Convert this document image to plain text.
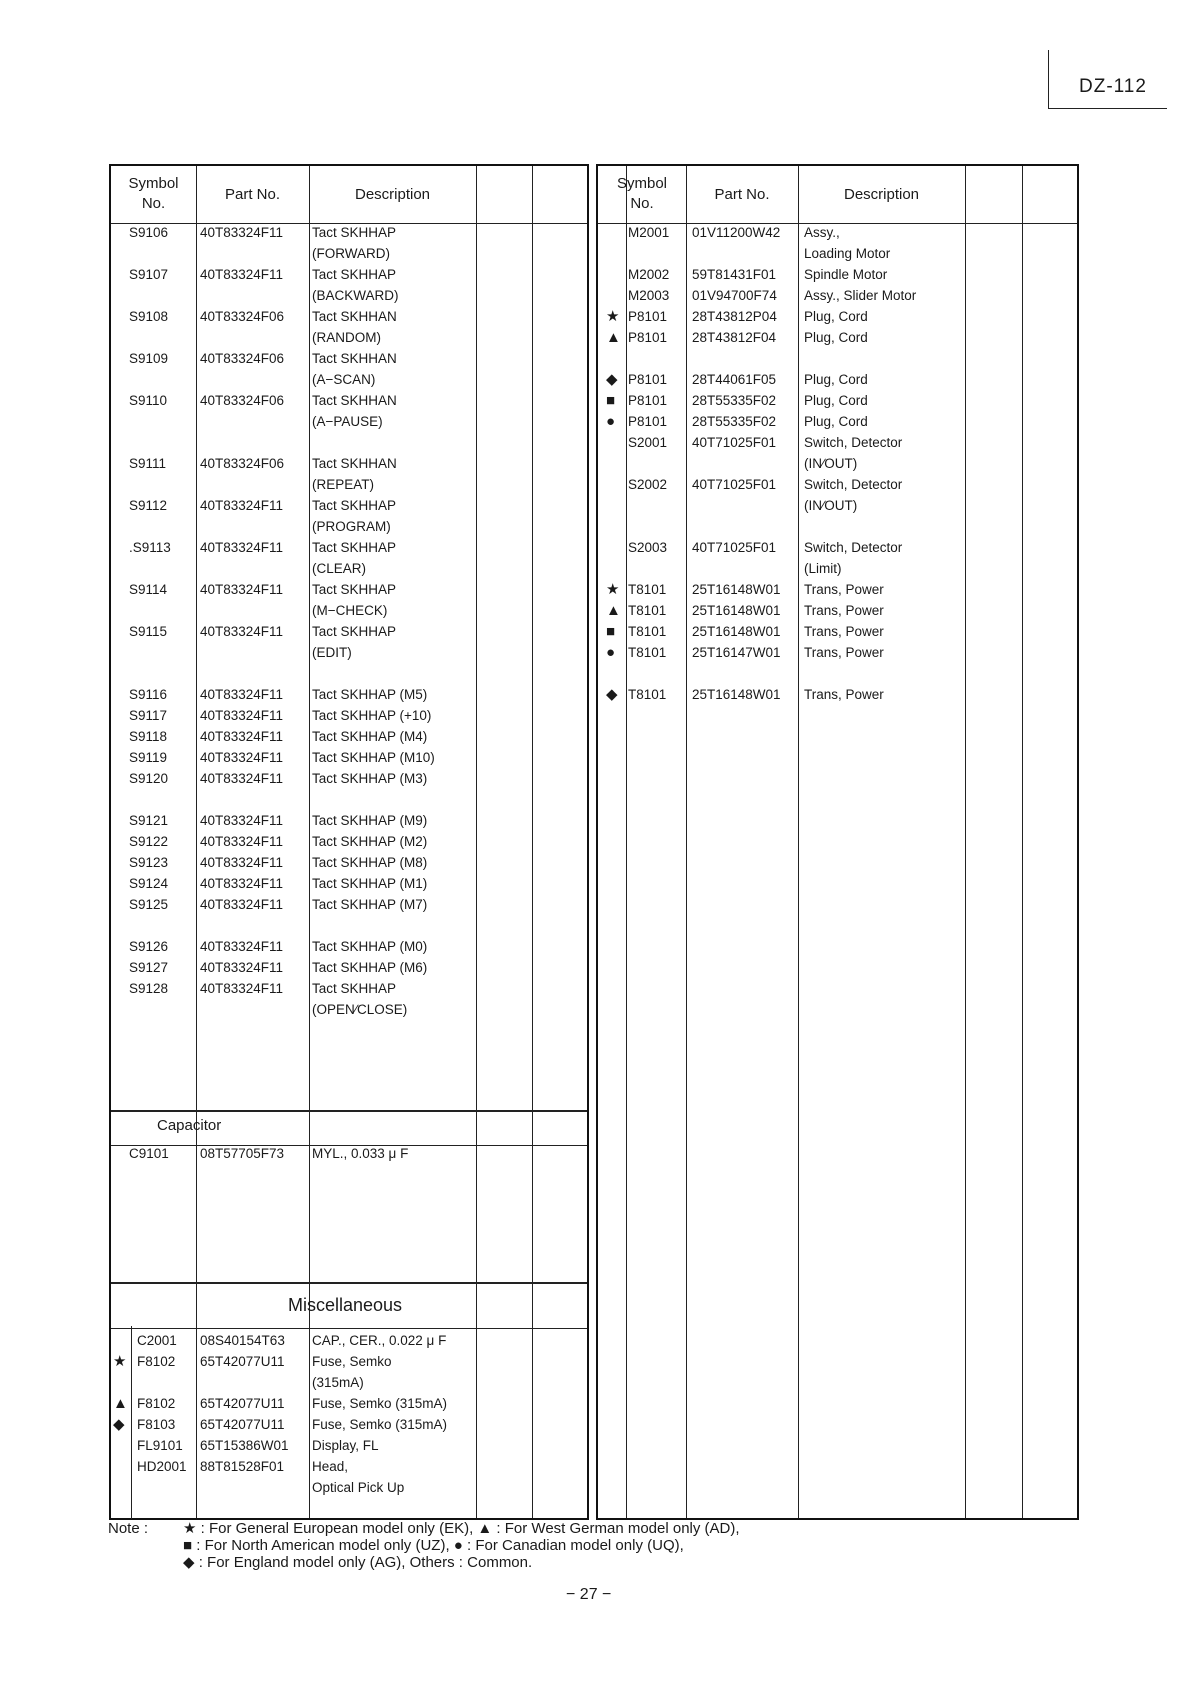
DZ-112
Symbol
No.
Part No.	Description
Capacitor
Miscellaneous
Symbol
No.
Part No.	Description
S9106 40T83324F11 Tact SKHHAP
(FORWARD)
S9107 40T83324F11 Tact SKHHAP
(BACKWARD)
S9108 40T83324F06 Tact SKHHAN
(RANDOM)
S9109 40T83324F06 Tact SKHHAN
(A−SCAN)
S9110 40T83324F06 Tact SKHHAN
(A−PAUSE)
S9111	40T83324F06 Tact SKHHAN
(REPEAT)
S9112 40T83324F11 Tact SKHHAP
(PROGRAM)
.S9113 40T83324F11 Tact SKHHAP
(CLEAR)
S9114 40T83324F11 Tact SKHHAP
(M−CHECK)
S9115 40T83324F11 Tact SKHHAP
(EDIT)
S9116 40T83324F11 Tact SKHHAP (M5)
S9117 40T83324F11 Tact SKHHAP (+10)
S9118 40T83324F11 Tact SKHHAP (M4)
S9119 40T83324F11 Tact SKHHAP (M10)
S9120 40T83324F11 Tact SKHHAP (M3)
S9121 40T83324F11 Tact SKHHAP (M9)
S9122 40T83324F11 Tact SKHHAP (M2)
S9123 40T83324F11 Tact SKHHAP (M8)
S9124 40T83324F11 Tact SKHHAP (M1)
S9125 40T83324F11 Tact SKHHAP (M7)
S9126 40T83324F11 Tact SKHHAP (M0)
S9127 40T83324F11 Tact SKHHAP (M6)
S9128 40T83324F11 Tact SKHHAP
(OPEN∕CLOSE)
C9101 08T57705F73 MYL., 0.033 μ F
C2001 08S40154T63 CAP., CER., 0.022 μ F
★ F8102 65T42077U11 Fuse, Semko
(315mA)
▲ F8102 65T42077U11 Fuse, Semko (315mA)
◆ F8103 65T42077U11 Fuse, Semko (315mA)
FL9101 65T15386W01 Display, FL
HD2001 88T81528F01 Head,
Optical Pick Up
M2001 01V11200W42 Assy.,
Loading Motor
M2002 59T81431F01 Spindle Motor
M2003 01V94700F74 Assy., Slider Motor
★ P8101 28T43812P04 Plug, Cord
▲ P8101 28T43812F04 Plug, Cord
◆ P8101 28T44061F05 Plug, Cord
■ P8101 28T55335F02 Plug, Cord
● P8101 28T55335F02 Plug, Cord
S2001 40T71025F01 Switch, Detector
(IN∕OUT)
S2002 40T71025F01 Switch, Detector
(IN∕OUT)
S2003 40T71025F01 Switch, Detector
(Limit)
★ T8101 25T16148W01 Trans, Power
▲ T8101 25T16148W01 Trans, Power
■ T8101 25T16148W01 Trans, Power
● T8101 25T16147W01 Trans, Power
◆ T8101 25T16148W01 Trans, Power
Note : ★ : For General European model only (EK), ▲ : For West German model only (AD),
■ : For North American model only (UZ), ● : For Canadian model only (UQ),
◆ : For England model only (AG), Others : Common.
− 27 −
